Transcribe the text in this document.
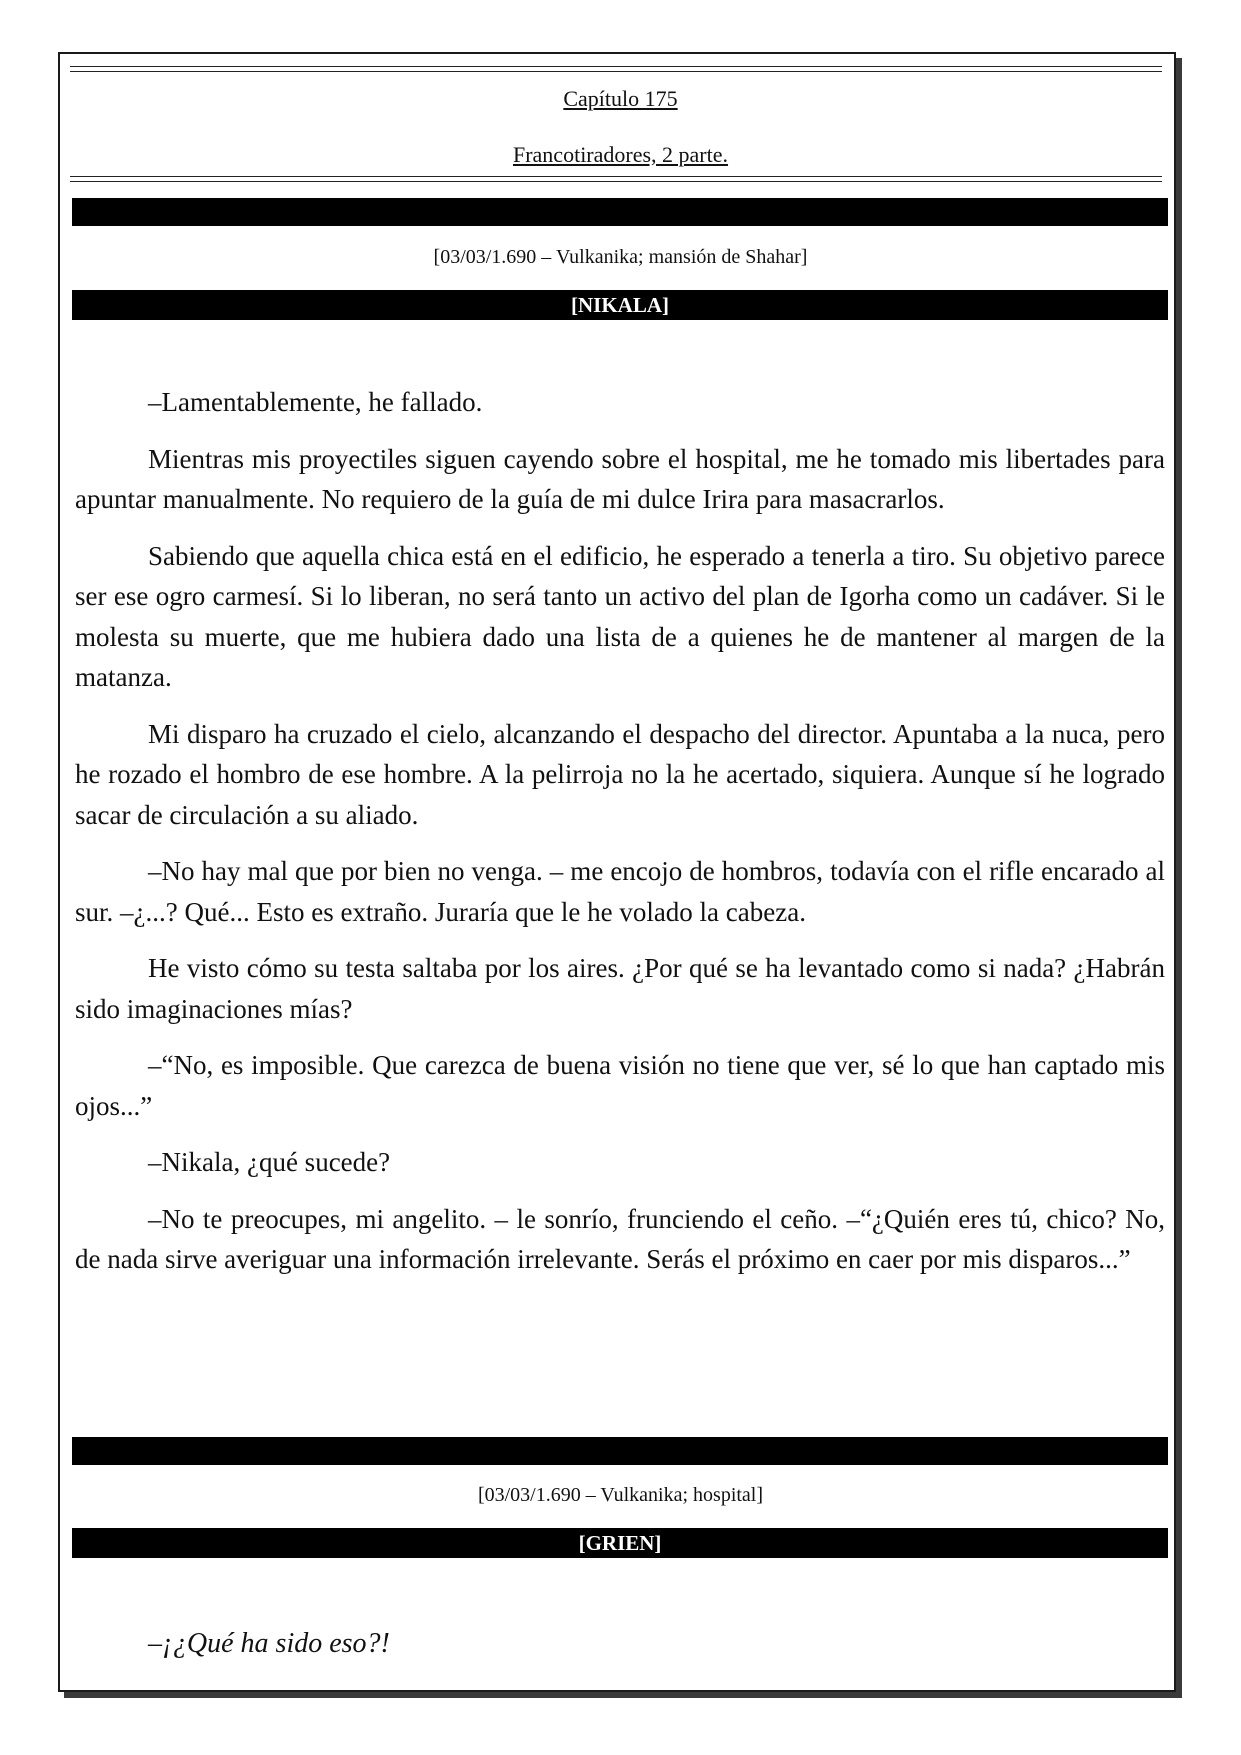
Capítulo 175
Francotiradores, 2 parte.
[03/03/1.690 – Vulkanika; mansión de Shahar]
[NIKALA]

–Lamentablemente, he fallado.

Mientras mis proyectiles siguen cayendo sobre el hospital, me he tomado mis libertades para apuntar manualmente. No requiero de la guía de mi dulce Irira para masacrarlos.

Sabiendo que aquella chica está en el edificio, he esperado a tenerla a tiro. Su objetivo parece ser ese ogro carmesí. Si lo liberan, no será tanto un activo del plan de Igorha como un cadáver. Si le molesta su muerte, que me hubiera dado una lista de a quienes he de mantener al margen de la matanza.

Mi disparo ha cruzado el cielo, alcanzando el despacho del director. Apuntaba a la nuca, pero he rozado el hombro de ese hombre. A la pelirroja no la he acertado, siquiera. Aunque sí he logrado sacar de circulación a su aliado.

–No hay mal que por bien no venga. – me encojo de hombros, todavía con el rifle encarado al sur. –¿...? Qué... Esto es extraño. Juraría que le he volado la cabeza.

He visto cómo su testa saltaba por los aires. ¿Por qué se ha levantado como si nada? ¿Habrán sido imaginaciones mías?

–“No, es imposible. Que carezca de buena visión no tiene que ver, sé lo que han captado mis ojos...”

–Nikala, ¿qué sucede?

–No te preocupes, mi angelito. – le sonrío, frunciendo el ceño. –“¿Quién eres tú, chico? No, de nada sirve averiguar una información irrelevante. Serás el próximo en caer por mis disparos...”

[03/03/1.690 – Vulkanika; hospital]
[GRIEN]
–¡¿Qué ha sido eso?!
